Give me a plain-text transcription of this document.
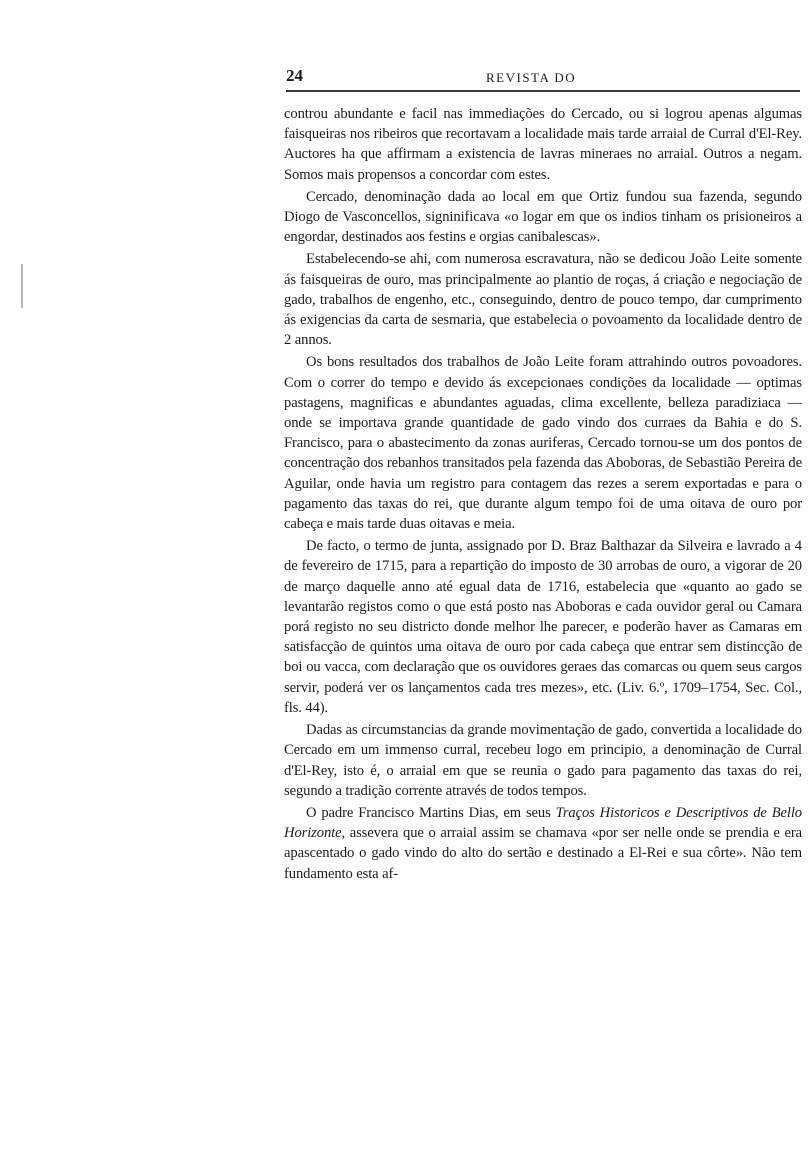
24	REVISTA DO

controu abundante e facil nas immediações do Cercado, ou si logrou apenas algumas faisqueiras nos ribeiros que recortavam a localidade mais tarde arraial de Curral d'El-Rey. Auctores ha que affirmam a existencia de lavras mineraes no arraial. Outros a negam. Somos mais propensos a concordar com estes.

Cercado, denominação dada ao local em que Ortiz fundou sua fazenda, segundo Diogo de Vasconcellos, signinificava «o logar em que os indios tinham os prisioneiros a engordar, destinados aos festins e orgias canibalescas».

Estabelecendo-se ahi, com numerosa escravatura, não se dedicou João Leite somente ás faisqueiras de ouro, mas principalmente ao plantio de roças, á criação e negociação de gado, trabalhos de engenho, etc., conseguindo, dentro de pouco tempo, dar cumprimento ás exigencias da carta de sesmaria, que estabelecia o povoamento da localidade dentro de 2 annos.

Os bons resultados dos trabalhos de João Leite foram attrahindo outros povoadores. Com o correr do tempo e devido ás excepcionaes condições da localidade — optimas pastagens, magnificas e abundantes aguadas, clima excellente, belleza paradiziaca — onde se importava grande quantidade de gado vindo dos curraes da Bahia e do S. Francisco, para o abastecimento da zonas auriferas, Cercado tornou-se um dos pontos de concentração dos rebanhos transitados pela fazenda das Aboboras, de Sebastião Pereira de Aguilar, onde havia um registro para contagem das rezes a serem exportadas e para o pagamento das taxas do rei, que durante algum tempo foi de uma oitava de ouro por cabeça e mais tarde duas oitavas e meia.

De facto, o termo de junta, assignado por D. Braz Balthazar da Silveira e lavrado a 4 de fevereiro de 1715, para a repartição do imposto de 30 arrobas de ouro, a vigorar de 20 de março daquelle anno até egual data de 1716, estabelecia que «quanto ao gado se levantarão registos como o que está posto nas Aboboras e cada ouvidor geral ou Camara porá registo no seu districto donde melhor lhe parecer, e poderão haver as Camaras em satisfacção de quintos uma oitava de ouro por cada cabeça que entrar sem distincção de boi ou vacca, com declaração que os ouvidores geraes das comarcas ou quem seus cargos servir, poderá ver os lançamentos cada tres mezes», etc. (Liv. 6.º, 1709–1754, Sec. Col., fls. 44).

Dadas as circumstancias da grande movimentação de gado, convertida a localidade do Cercado em um immenso curral, recebeu logo em principio, a denominação de Curral d'El-Rey, isto é, o arraial em que se reunia o gado para pagamento das taxas do rei, segundo a tradição corrente através de todos tempos.

O padre Francisco Martins Dias, em seus Traços Historicos e Descriptivos de Bello Horizonte, assevera que o arraial assim se chamava «por ser nelle onde se prendia e era apascentado o gado vindo do alto do sertão e destinado a El-Rei e sua côrte». Não tem fundamento esta af-
